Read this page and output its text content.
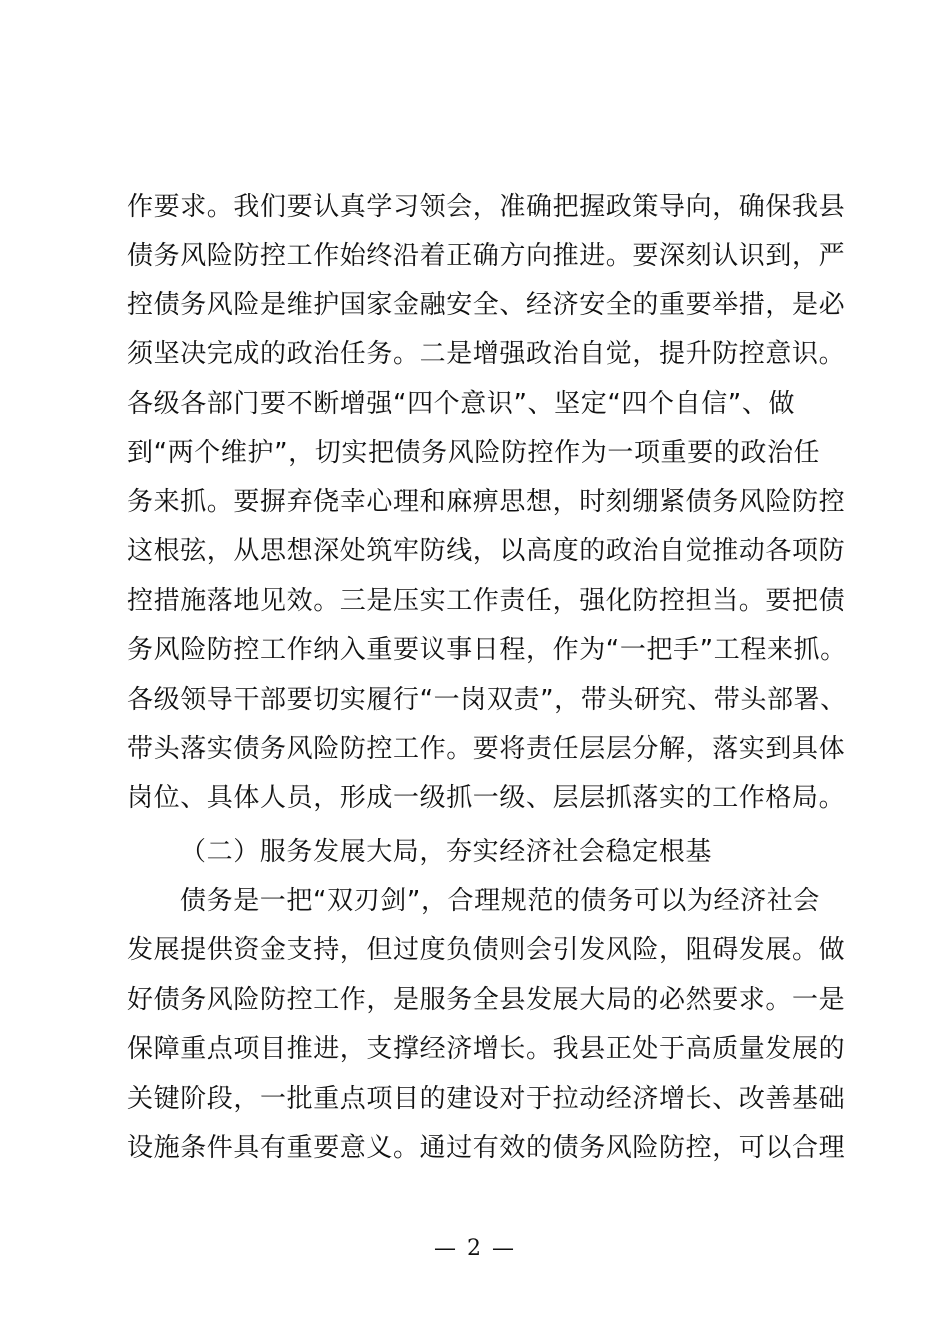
作要求。我们要认真学习领会，准确把握政策导向，确保我县
债务风险防控工作始终沿着正确方向推进。要深刻认识到，严
控债务风险是维护国家金融安全、经济安全的重要举措，是必
须坚决完成的政治任务。二是增强政治自觉，提升防控意识。
各级各部门要不断增强“四个意识”、坚定“四个自信”、做
到“两个维护”，切实把债务风险防控作为一项重要的政治任
务来抓。要摒弃侥幸心理和麻痹思想，时刻绷紧债务风险防控
这根弦，从思想深处筑牢防线，以高度的政治自觉推动各项防
控措施落地见效。三是压实工作责任，强化防控担当。要把债
务风险防控工作纳入重要议事日程，作为“一把手”工程来抓。
各级领导干部要切实履行“一岗双责”，带头研究、带头部署、
带头落实债务风险防控工作。要将责任层层分解，落实到具体
岗位、具体人员，形成一级抓一级、层层抓落实的工作格局。
（二）服务发展大局，夯实经济社会稳定根基
债务是一把“双刃剑”，合理规范的债务可以为经济社会
发展提供资金支持，但过度负债则会引发风险，阻碍发展。做
好债务风险防控工作，是服务全县发展大局的必然要求。一是
保障重点项目推进，支撑经济增长。我县正处于高质量发展的
关键阶段，一批重点项目的建设对于拉动经济增长、改善基础
设施条件具有重要意义。通过有效的债务风险防控，可以合理
— 2 —
